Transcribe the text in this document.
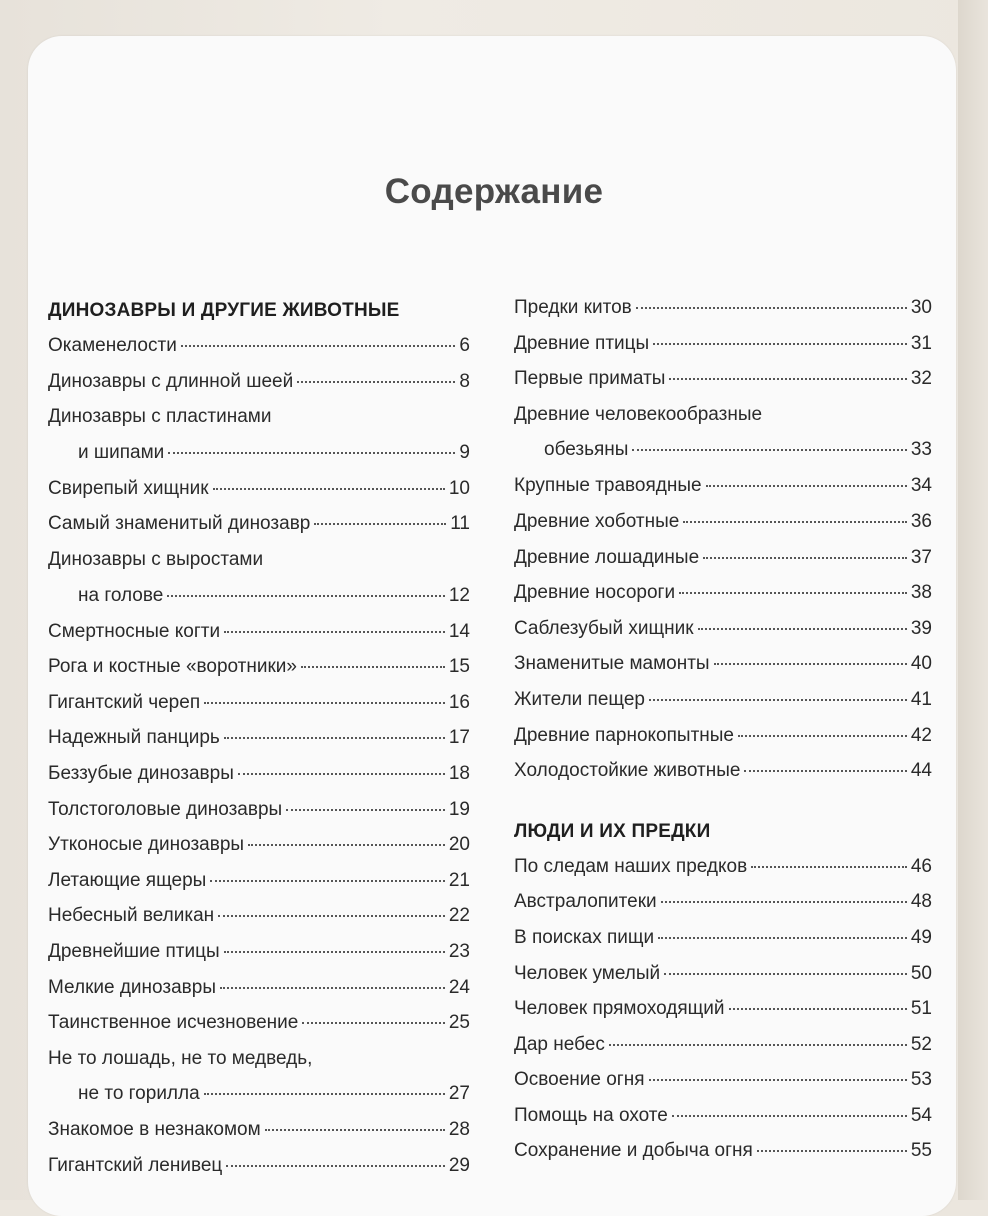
Содержание
ДИНОЗАВРЫ И ДРУГИЕ ЖИВОТНЫЕ
Окаменелости	6
Динозавры с длинной шеей	8
Динозавры с пластинами
и шипами	9
Свирепый хищник	10
Самый знаменитый динозавр	11
Динозавры с выростами
на голове	12
Смертносные когти	14
Рога и костные «воротники»	15
Гигантский череп	16
Надежный панцирь	17
Беззубые динозавры	18
Толстоголовые динозавры	19
Утконосые динозавры	20
Летающие ящеры	21
Небесный великан	22
Древнейшие птицы	23
Мелкие динозавры	24
Таинственное исчезновение	25
Не то лошадь, не то медведь,
не то горилла	27
Знакомое в незнакомом	28
Гигантский ленивец	29
Предки китов	30
Древние птицы	31
Первые приматы	32
Древние человекообразные
обезьяны	33
Крупные травоядные	34
Древние хоботные	36
Древние лошадиные	37
Древние носороги	38
Саблезубый хищник	39
Знаменитые мамонты	40
Жители пещер	41
Древние парнокопытные	42
Холодостойкие животные	44
ЛЮДИ И ИХ ПРЕДКИ
По следам наших предков	46
Австралопитеки	48
В поисках пищи	49
Человек умелый	50
Человек прямоходящий	51
Дар небес	52
Освоение огня	53
Помощь на охоте	54
Сохранение и добыча огня	55
